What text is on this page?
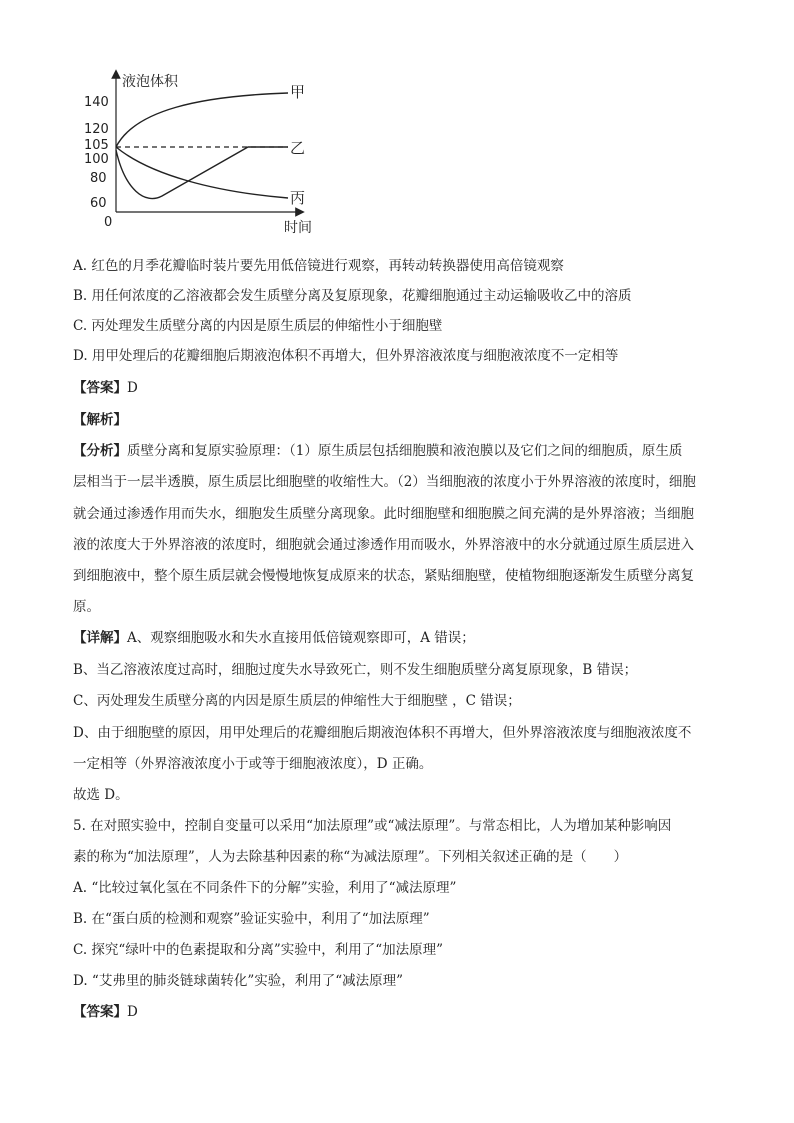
液泡体积
时间
140
120
105
100
80
60
0
甲
乙
丙
A. 红色的月季花瓣临时装片要先用低倍镜进行观察，再转动转换器使用高倍镜观察
B. 用任何浓度的乙溶液都会发生质壁分离及复原现象，花瓣细胞通过主动运输吸收乙中的溶质
C. 丙处理发生质壁分离的内因是原生质层的伸缩性小于细胞壁
D. 用甲处理后的花瓣细胞后期液泡体积不再增大，但外界溶液浓度与细胞液浓度不一定相等
【答案】D
【解析】
【分析】质壁分离和复原实验原理：（1）原生质层包括细胞膜和液泡膜以及它们之间的细胞质，原生质
层相当于一层半透膜，原生质层比细胞壁的收缩性大。（2）当细胞液的浓度小于外界溶液的浓度时，细胞
就会通过渗透作用而失水，细胞发生质壁分离现象。此时细胞壁和细胞膜之间充满的是外界溶液；当细胞
液的浓度大于外界溶液的浓度时，细胞就会通过渗透作用而吸水，外界溶液中的水分就通过原生质层进入
到细胞液中，整个原生质层就会慢慢地恢复成原来的状态，紧贴细胞壁，使植物细胞逐渐发生质壁分离复
原。
【详解】A、观察细胞吸水和失水直接用低倍镜观察即可，A 错误；
B、当乙溶液浓度过高时，细胞过度失水导致死亡，则不发生细胞质壁分离复原现象，B 错误；
C、丙处理发生质壁分离的内因是原生质层的伸缩性大于细胞壁 ，C 错误；
D、由于细胞壁的原因，用甲处理后的花瓣细胞后期液泡体积不再增大，但外界溶液浓度与细胞液浓度不
一定相等（外界溶液浓度小于或等于细胞液浓度），D 正确。
故选 D。
5. 在对照实验中，控制自变量可以采用“加法原理”或“减法原理”。与常态相比，人为增加某种影响因
素的称为“加法原理”，人为去除基种因素的称“为减法原理”。下列相关叙述正确的是（　　）
A. “比较过氧化氢在不同条件下的分解”实验，利用了“减法原理”
B. 在“蛋白质的检测和观察”验证实验中，利用了“加法原理”
C. 探究“绿叶中的色素提取和分离”实验中，利用了“加法原理”
D. “艾弗里的肺炎链球菌转化”实验，利用了“减法原理”
【答案】D
